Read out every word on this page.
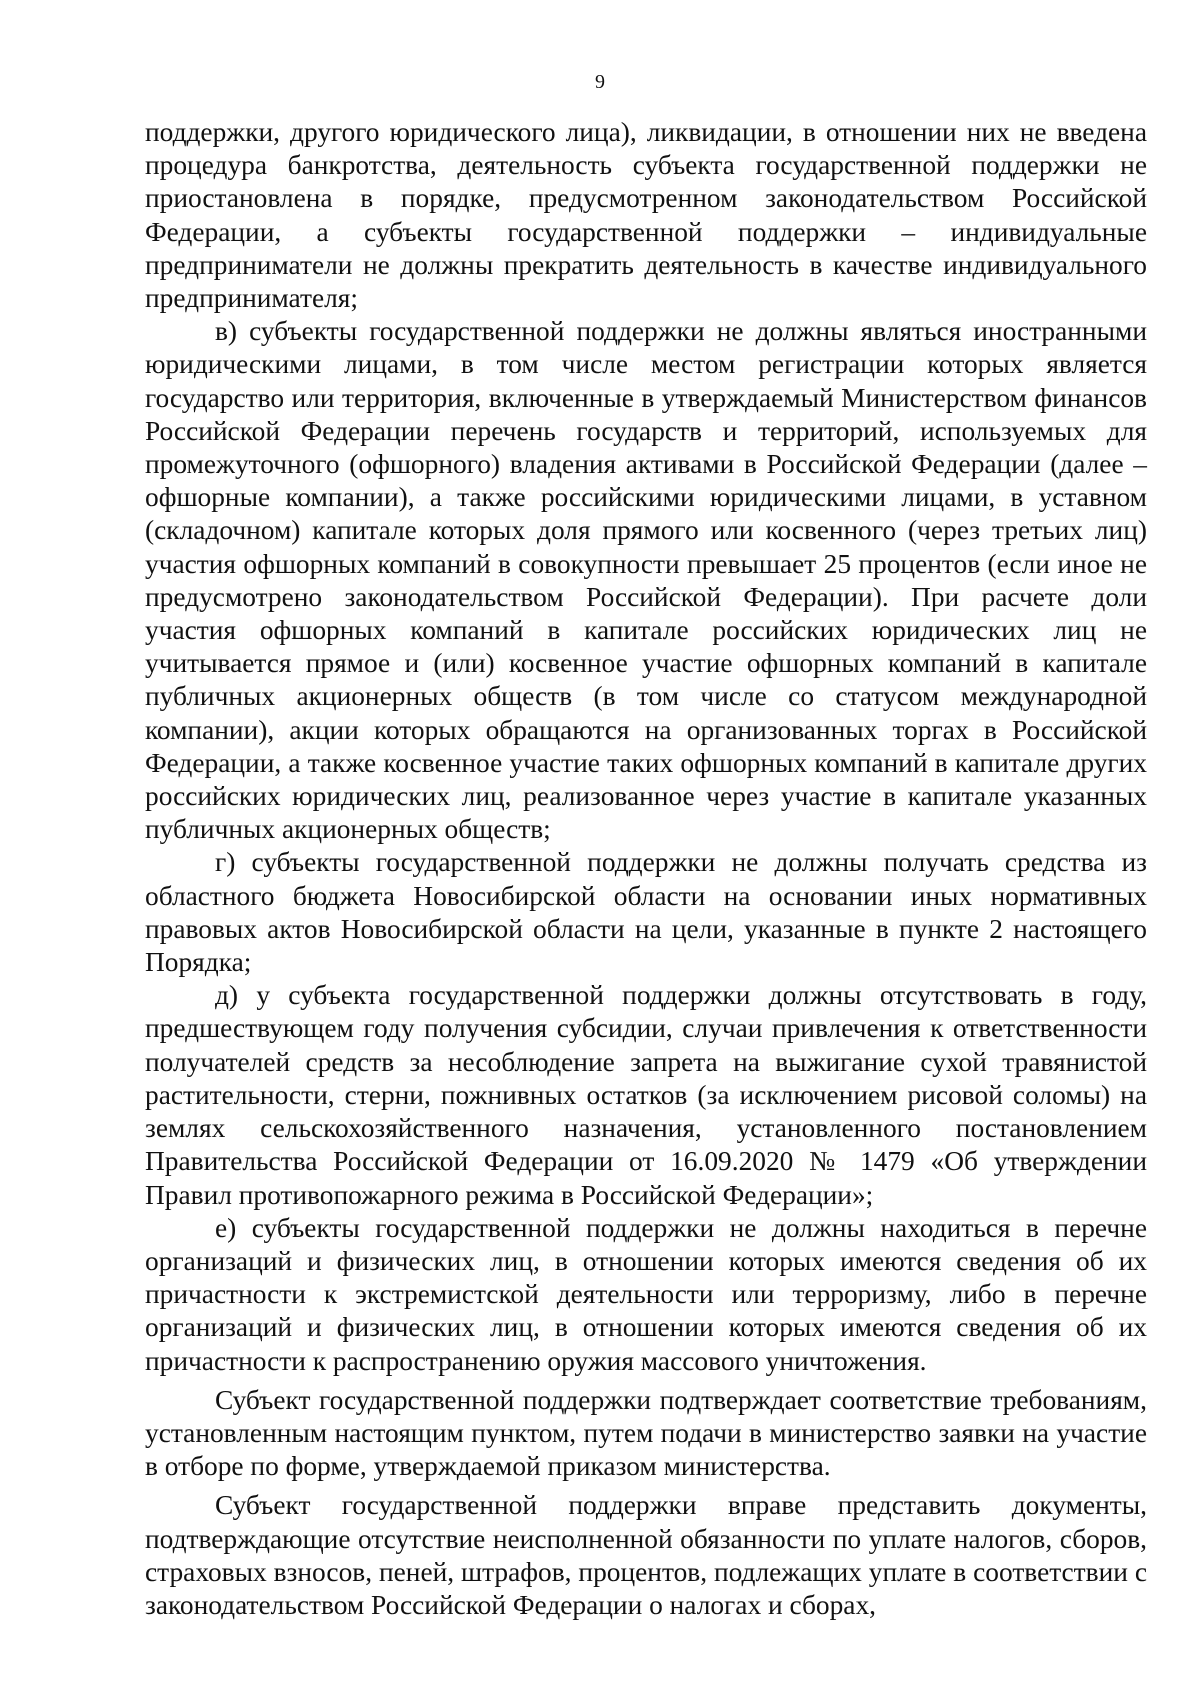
9

поддержки, другого юридического лица), ликвидации, в отношении них не введена процедура банкротства, деятельность субъекта государственной поддержки не приостановлена в порядке, предусмотренном законодательством Российской Федерации, а субъекты государственной поддержки – индивидуальные предприниматели не должны прекратить деятельность в качестве индивидуального предпринимателя;

в) субъекты государственной поддержки не должны являться иностранными юридическими лицами, в том числе местом регистрации которых является государство или территория, включенные в утверждаемый Министерством финансов Российской Федерации перечень государств и территорий, используемых для промежуточного (офшорного) владения активами в Российской Федерации (далее – офшорные компании), а также российскими юридическими лицами, в уставном (складочном) капитале которых доля прямого или косвенного (через третьих лиц) участия офшорных компаний в совокупности превышает 25 процентов (если иное не предусмотрено законодательством Российской Федерации). При расчете доли участия офшорных компаний в капитале российских юридических лиц не учитывается прямое и (или) косвенное участие офшорных компаний в капитале публичных акционерных обществ (в том числе со статусом международной компании), акции которых обращаются на организованных торгах в Российской Федерации, а также косвенное участие таких офшорных компаний в капитале других российских юридических лиц, реализованное через участие в капитале указанных публичных акционерных обществ;

г) субъекты государственной поддержки не должны получать средства из областного бюджета Новосибирской области на основании иных нормативных правовых актов Новосибирской области на цели, указанные в пункте 2 настоящего Порядка;

д) у субъекта государственной поддержки должны отсутствовать в году, предшествующем году получения субсидии, случаи привлечения к ответственности получателей средств за несоблюдение запрета на выжигание сухой травянистой растительности, стерни, пожнивных остатков (за исключением рисовой соломы) на землях сельскохозяйственного назначения, установленного постановлением Правительства Российской Федерации от 16.09.2020 № 1479 «Об утверждении Правил противопожарного режима в Российской Федерации»;

е) субъекты государственной поддержки не должны находиться в перечне организаций и физических лиц, в отношении которых имеются сведения об их причастности к экстремистской деятельности или терроризму, либо в перечне организаций и физических лиц, в отношении которых имеются сведения об их причастности к распространению оружия массового уничтожения.

Субъект государственной поддержки подтверждает соответствие требованиям, установленным настоящим пунктом, путем подачи в министерство заявки на участие в отборе по форме, утверждаемой приказом министерства.

Субъект государственной поддержки вправе представить документы, подтверждающие отсутствие неисполненной обязанности по уплате налогов, сборов, страховых взносов, пеней, штрафов, процентов, подлежащих уплате в соответствии с законодательством Российской Федерации о налогах и сборах,
